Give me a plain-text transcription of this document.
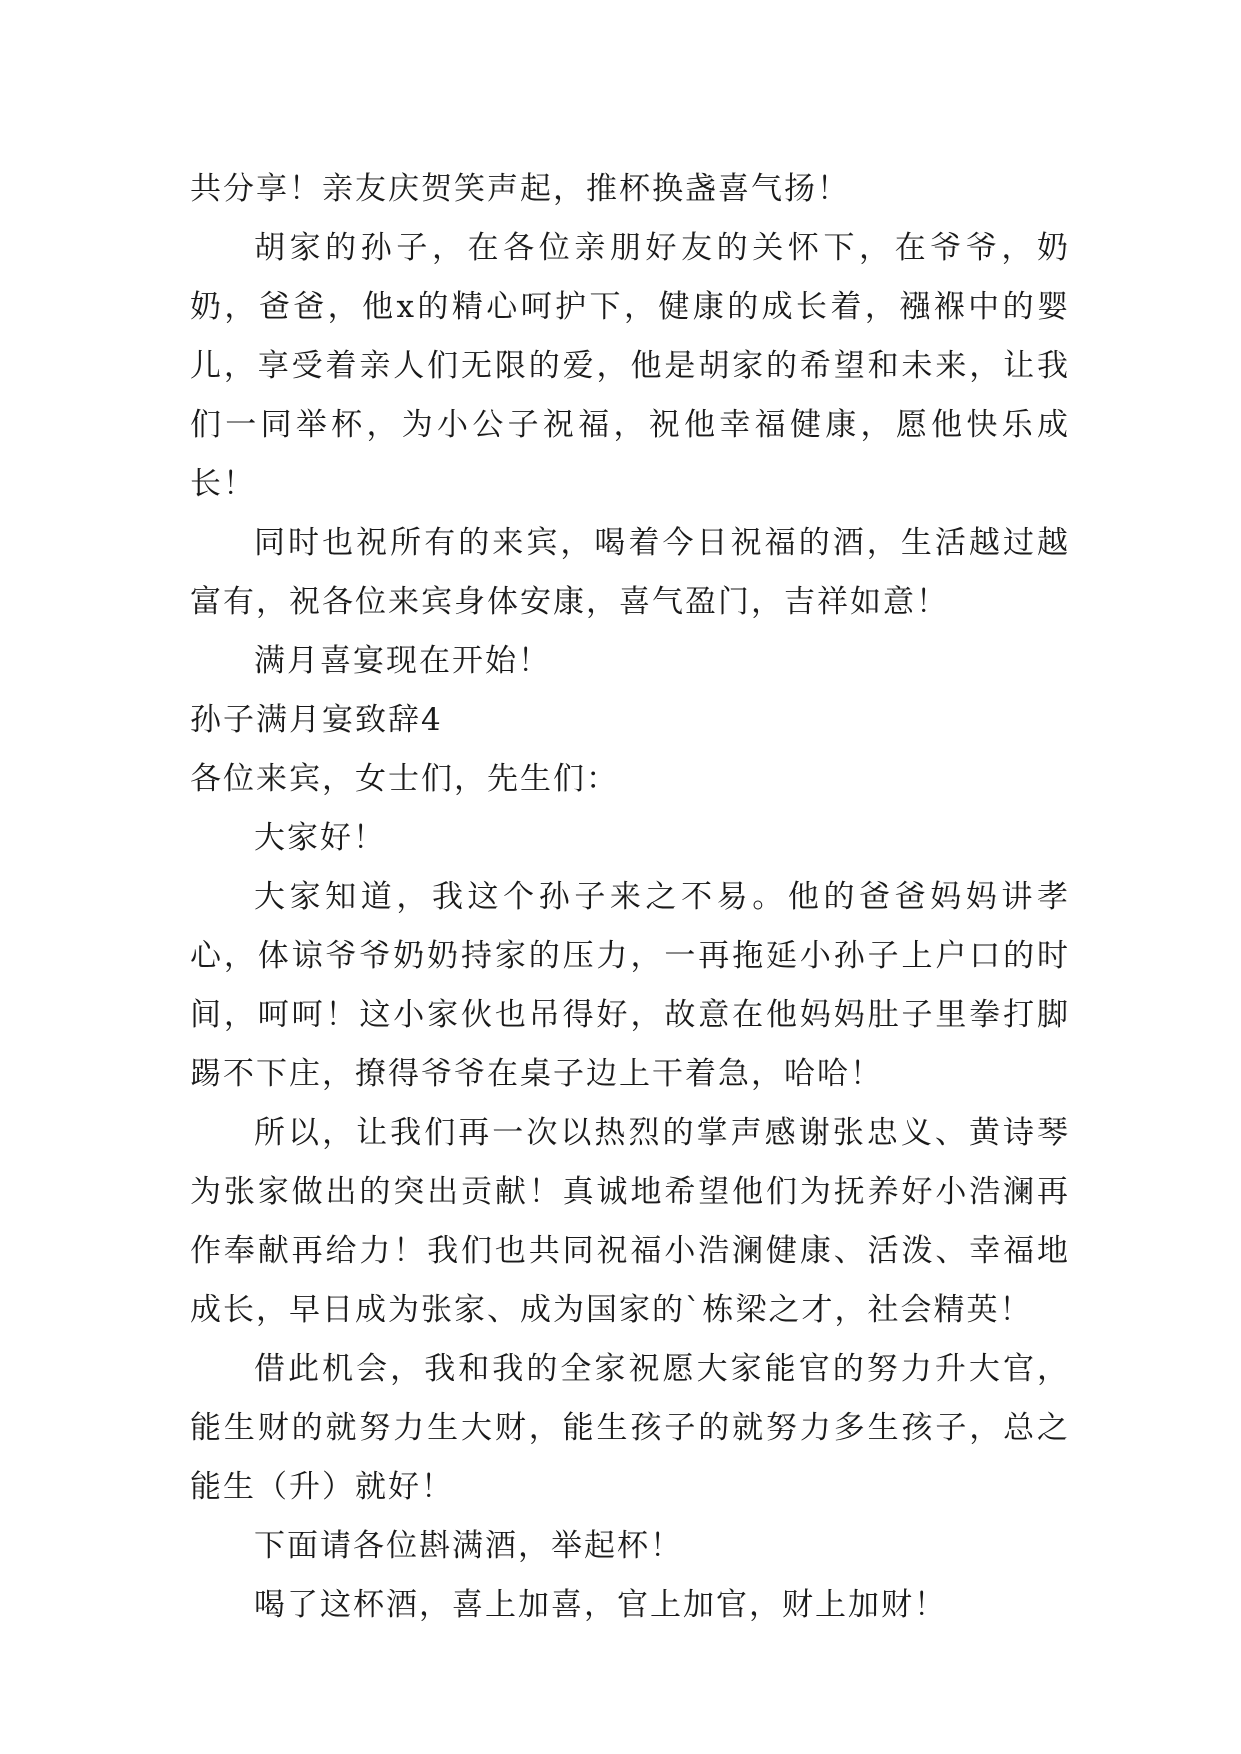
共分享！亲友庆贺笑声起，推杯换盏喜气扬！

胡家的孙子，在各位亲朋好友的关怀下，在爷爷，奶奶，爸爸，他x的精心呵护下，健康的成长着，襁褓中的婴儿，享受着亲人们无限的爱，他是胡家的希望和未来，让我们一同举杯，为小公子祝福，祝他幸福健康，愿他快乐成长！

同时也祝所有的来宾，喝着今日祝福的酒，生活越过越富有，祝各位来宾身体安康，喜气盈门，吉祥如意！

满月喜宴现在开始！

孙子满月宴致辞4

各位来宾，女士们，先生们：

大家好！

大家知道，我这个孙子来之不易。他的爸爸妈妈讲孝心，体谅爷爷奶奶持家的压力，一再拖延小孙子上户口的时间，呵呵！这小家伙也吊得好，故意在他妈妈肚子里拳打脚踢不下庄，撩得爷爷在桌子边上干着急，哈哈！

所以，让我们再一次以热烈的掌声感谢张忠义、黄诗琴为张家做出的突出贡献！真诚地希望他们为抚养好小浩澜再作奉献再给力！我们也共同祝福小浩澜健康、活泼、幸福地成长，早日成为张家、成为国家的`栋梁之才，社会精英！

借此机会，我和我的全家祝愿大家能官的努力升大官，能生财的就努力生大财，能生孩子的就努力多生孩子，总之能生（升）就好！

下面请各位斟满酒，举起杯！

喝了这杯酒，喜上加喜，官上加官，财上加财！
